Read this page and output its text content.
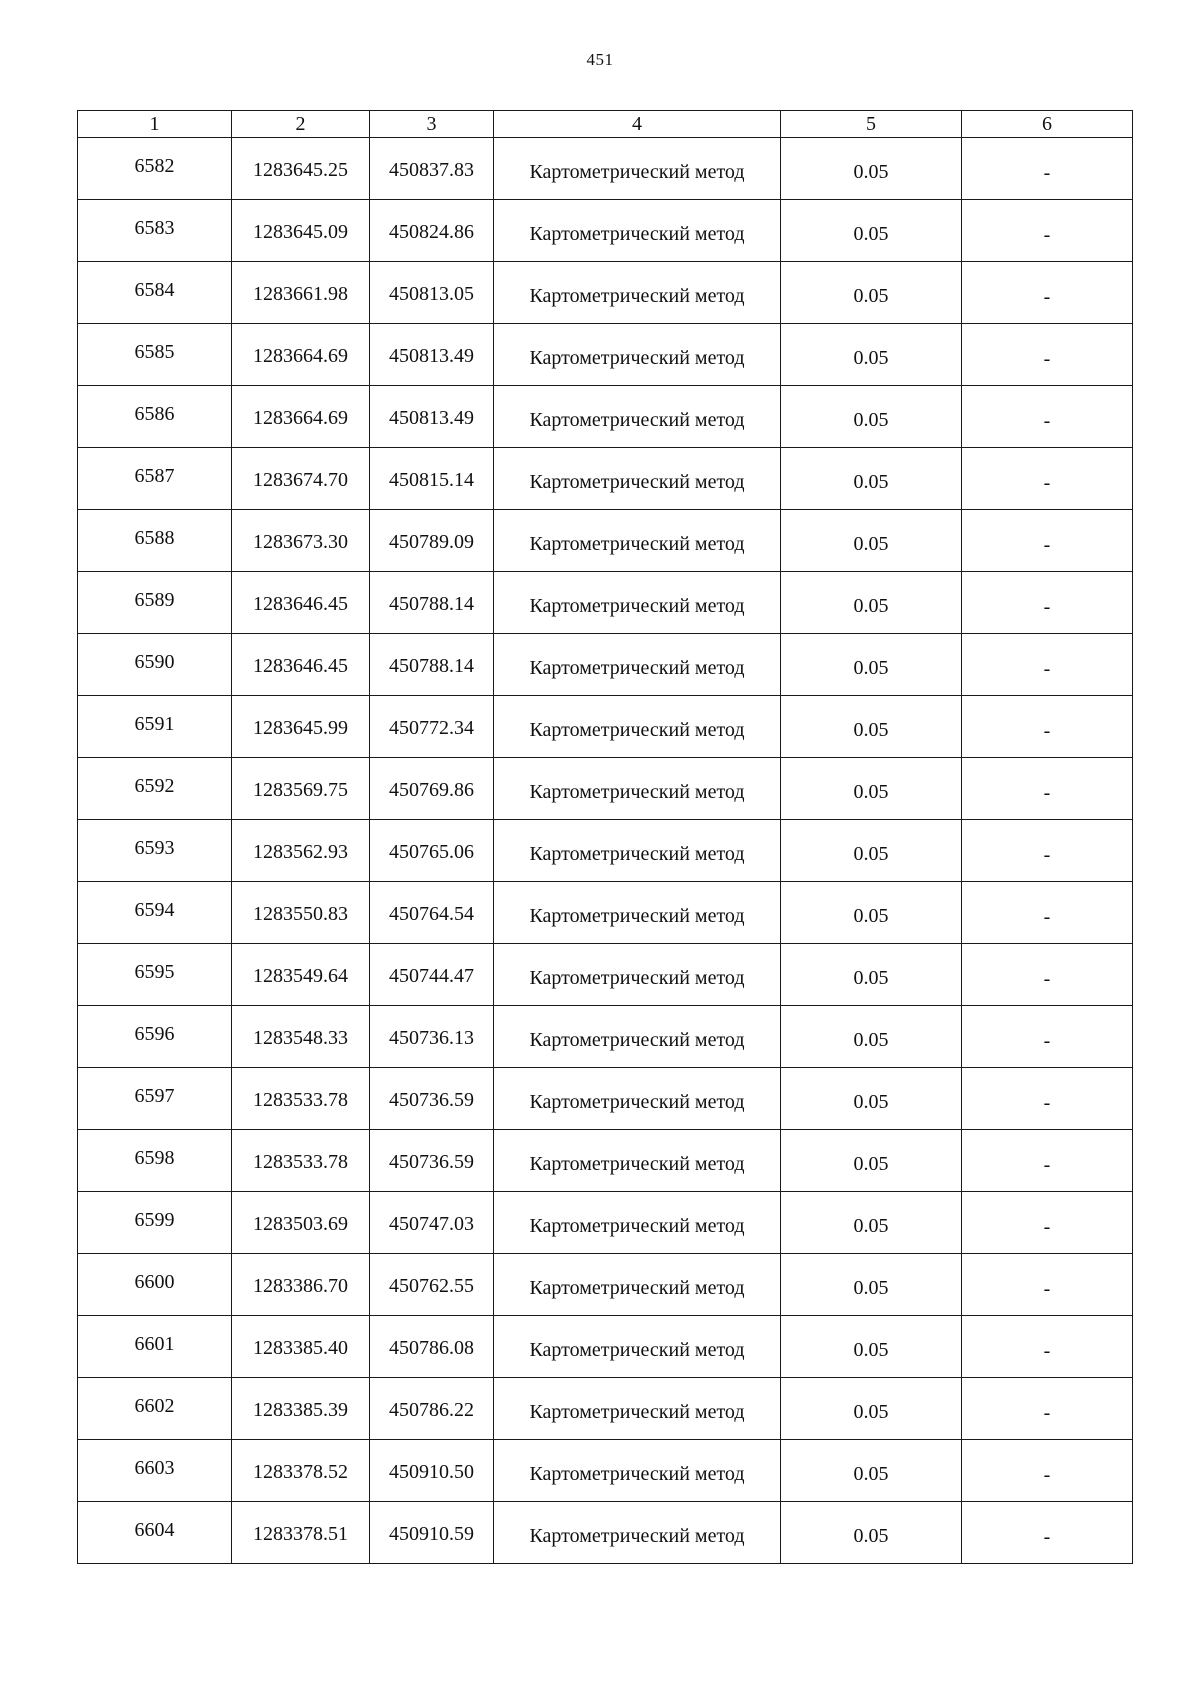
451
1	2	3	4	5	6
6582	1283645.25	450837.83	Картометрический метод	0.05	-
6583	1283645.09	450824.86	Картометрический метод	0.05	-
6584	1283661.98	450813.05	Картометрический метод	0.05	-
6585	1283664.69	450813.49	Картометрический метод	0.05	-
6586	1283664.69	450813.49	Картометрический метод	0.05	-
6587	1283674.70	450815.14	Картометрический метод	0.05	-
6588	1283673.30	450789.09	Картометрический метод	0.05	-
6589	1283646.45	450788.14	Картометрический метод	0.05	-
6590	1283646.45	450788.14	Картометрический метод	0.05	-
6591	1283645.99	450772.34	Картометрический метод	0.05	-
6592	1283569.75	450769.86	Картометрический метод	0.05	-
6593	1283562.93	450765.06	Картометрический метод	0.05	-
6594	1283550.83	450764.54	Картометрический метод	0.05	-
6595	1283549.64	450744.47	Картометрический метод	0.05	-
6596	1283548.33	450736.13	Картометрический метод	0.05	-
6597	1283533.78	450736.59	Картометрический метод	0.05	-
6598	1283533.78	450736.59	Картометрический метод	0.05	-
6599	1283503.69	450747.03	Картометрический метод	0.05	-
6600	1283386.70	450762.55	Картометрический метод	0.05	-
6601	1283385.40	450786.08	Картометрический метод	0.05	-
6602	1283385.39	450786.22	Картометрический метод	0.05	-
6603	1283378.52	450910.50	Картометрический метод	0.05	-
6604	1283378.51	450910.59	Картометрический метод	0.05	-
